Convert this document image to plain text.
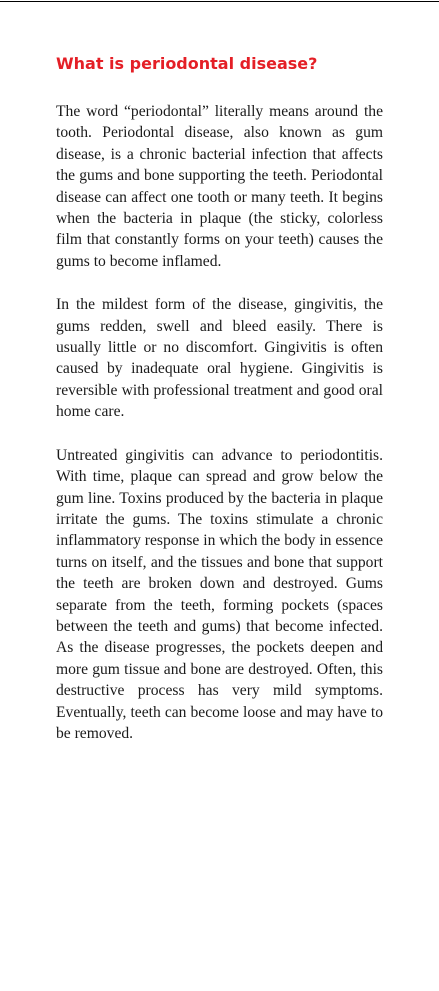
What is periodontal disease?

The word “periodontal” literally means around the tooth. Periodontal disease, also known as gum disease, is a chronic bacterial infection that affects the gums and bone supporting the teeth. Periodontal disease can affect one tooth or many teeth. It begins when the bacteria in plaque (the sticky, colorless film that constantly forms on your teeth) causes the gums to become inflamed.

In the mildest form of the disease, gingivitis, the gums redden, swell and bleed easily. There is usually little or no discomfort. Gingivitis is often caused by inadequate oral hygiene. Gingivitis is reversible with professional treatment and good oral home care.

Untreated gingivitis can advance to periodontitis. With time, plaque can spread and grow below the gum line. Toxins produced by the bacteria in plaque irritate the gums. The toxins stimulate a chronic inflammatory response in which the body in essence turns on itself, and the tissues and bone that support the teeth are broken down and destroyed. Gums separate from the teeth, forming pockets (spaces between the teeth and gums) that become infected. As the disease progresses, the pockets deepen and more gum tissue and bone are destroyed. Often, this destructive process has very mild symptoms. Eventually, teeth can become loose and may have to be removed.
